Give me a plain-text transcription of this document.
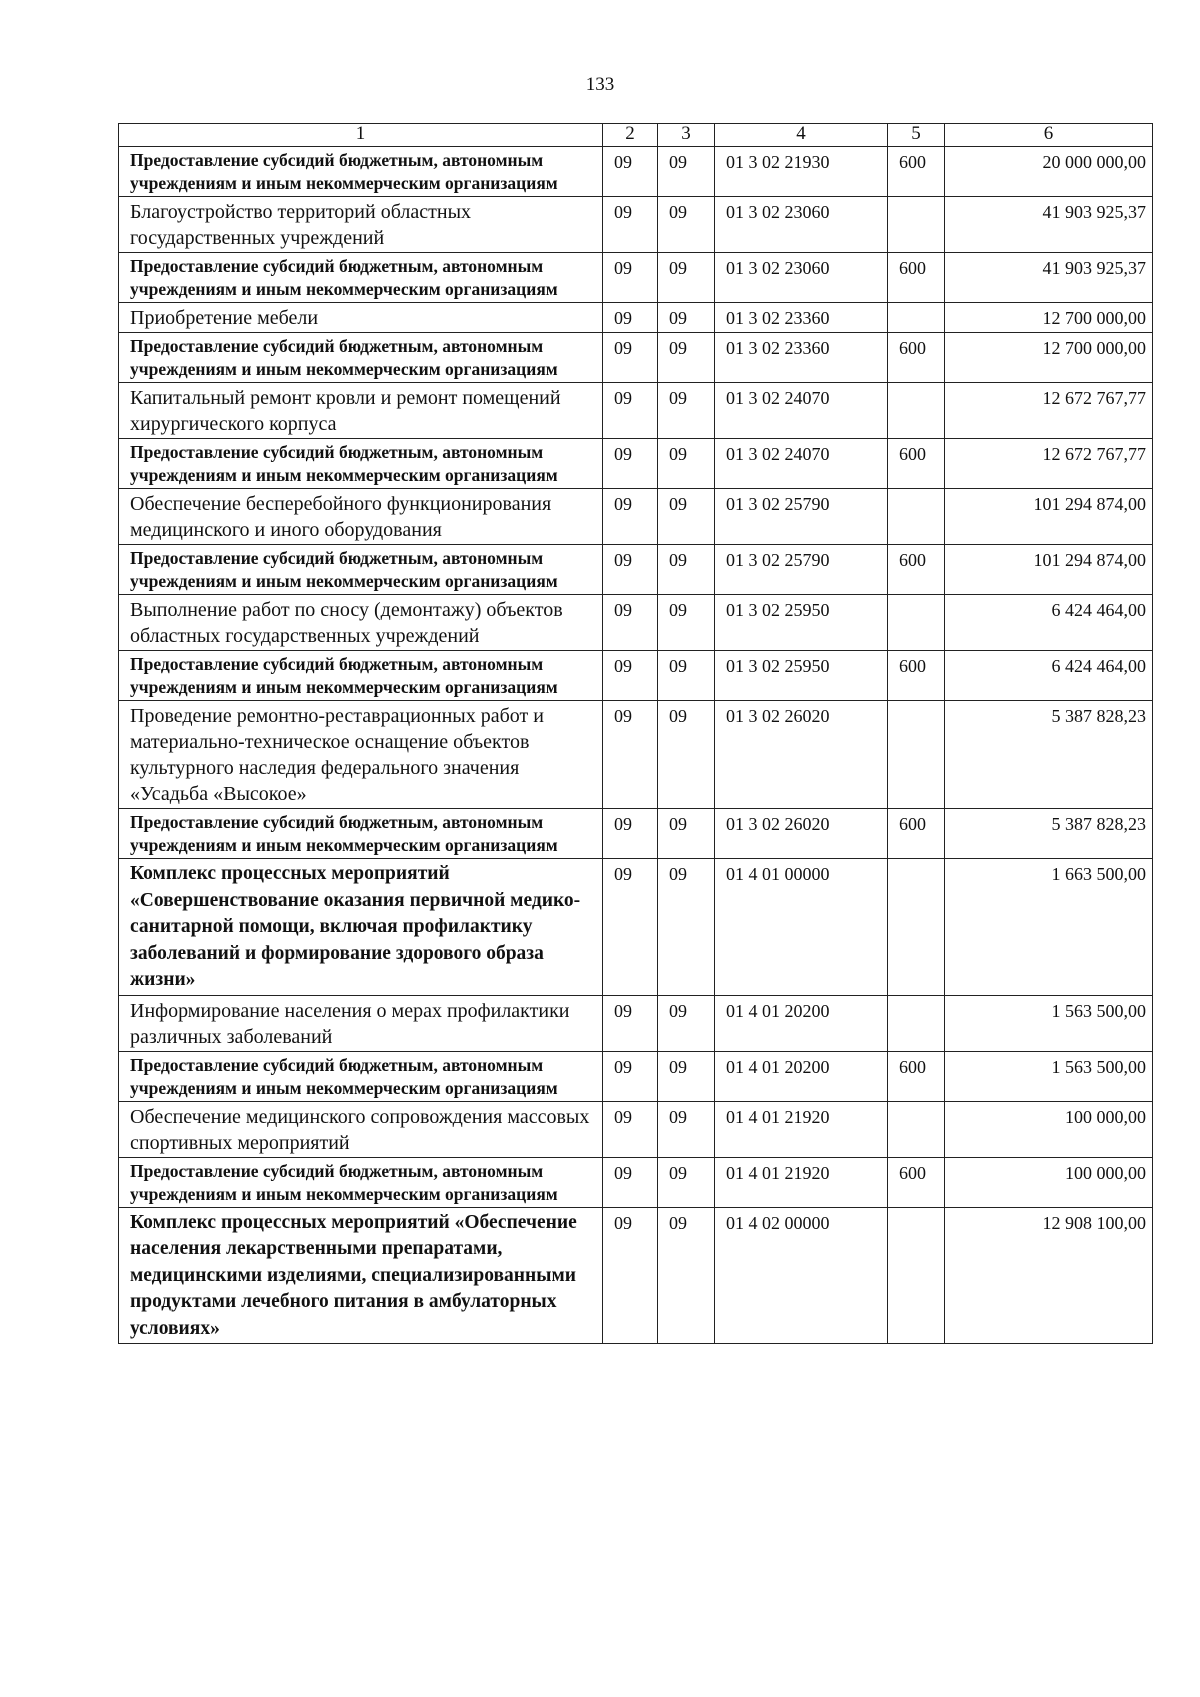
133
1	2	3	4	5	6
Предоставление субсидий бюджетным, автономным учреждениям и иным некоммерческим организациям	09	09	01 3 02 21930	600	20 000 000,00
Благоустройство территорий областных государственных учреждений	09	09	01 3 02 23060		41 903 925,37
Предоставление субсидий бюджетным, автономным учреждениям и иным некоммерческим организациям	09	09	01 3 02 23060	600	41 903 925,37
Приобретение мебели	09	09	01 3 02 23360		12 700 000,00
Предоставление субсидий бюджетным, автономным учреждениям и иным некоммерческим организациям	09	09	01 3 02 23360	600	12 700 000,00
Капитальный ремонт кровли и ремонт помещений хирургического корпуса	09	09	01 3 02 24070		12 672 767,77
Предоставление субсидий бюджетным, автономным учреждениям и иным некоммерческим организациям	09	09	01 3 02 24070	600	12 672 767,77
Обеспечение бесперебойного функционирования медицинского и иного оборудования	09	09	01 3 02 25790		101 294 874,00
Предоставление субсидий бюджетным, автономным учреждениям и иным некоммерческим организациям	09	09	01 3 02 25790	600	101 294 874,00
Выполнение работ по сносу (демонтажу) объектов областных государственных учреждений	09	09	01 3 02 25950		6 424 464,00
Предоставление субсидий бюджетным, автономным учреждениям и иным некоммерческим организациям	09	09	01 3 02 25950	600	6 424 464,00
Проведение ремонтно-реставрационных работ и материально-техническое оснащение объектов культурного наследия федерального значения «Усадьба «Высокое»	09	09	01 3 02 26020		5 387 828,23
Предоставление субсидий бюджетным, автономным учреждениям и иным некоммерческим организациям	09	09	01 3 02 26020	600	5 387 828,23
Комплекс процессных мероприятий «Совершенствование оказания первичной медико-санитарной помощи, включая профилактику заболеваний и формирование здорового образа жизни»	09	09	01 4 01 00000		1 663 500,00
Информирование населения о мерах профилактики различных заболеваний	09	09	01 4 01 20200		1 563 500,00
Предоставление субсидий бюджетным, автономным учреждениям и иным некоммерческим организациям	09	09	01 4 01 20200	600	1 563 500,00
Обеспечение медицинского сопровождения массовых спортивных мероприятий	09	09	01 4 01 21920		100 000,00
Предоставление субсидий бюджетным, автономным учреждениям и иным некоммерческим организациям	09	09	01 4 01 21920	600	100 000,00
Комплекс процессных мероприятий «Обеспечение населения лекарственными препаратами, медицинскими изделиями, специализированными продуктами лечебного питания в амбулаторных условиях»	09	09	01 4 02 00000		12 908 100,00
